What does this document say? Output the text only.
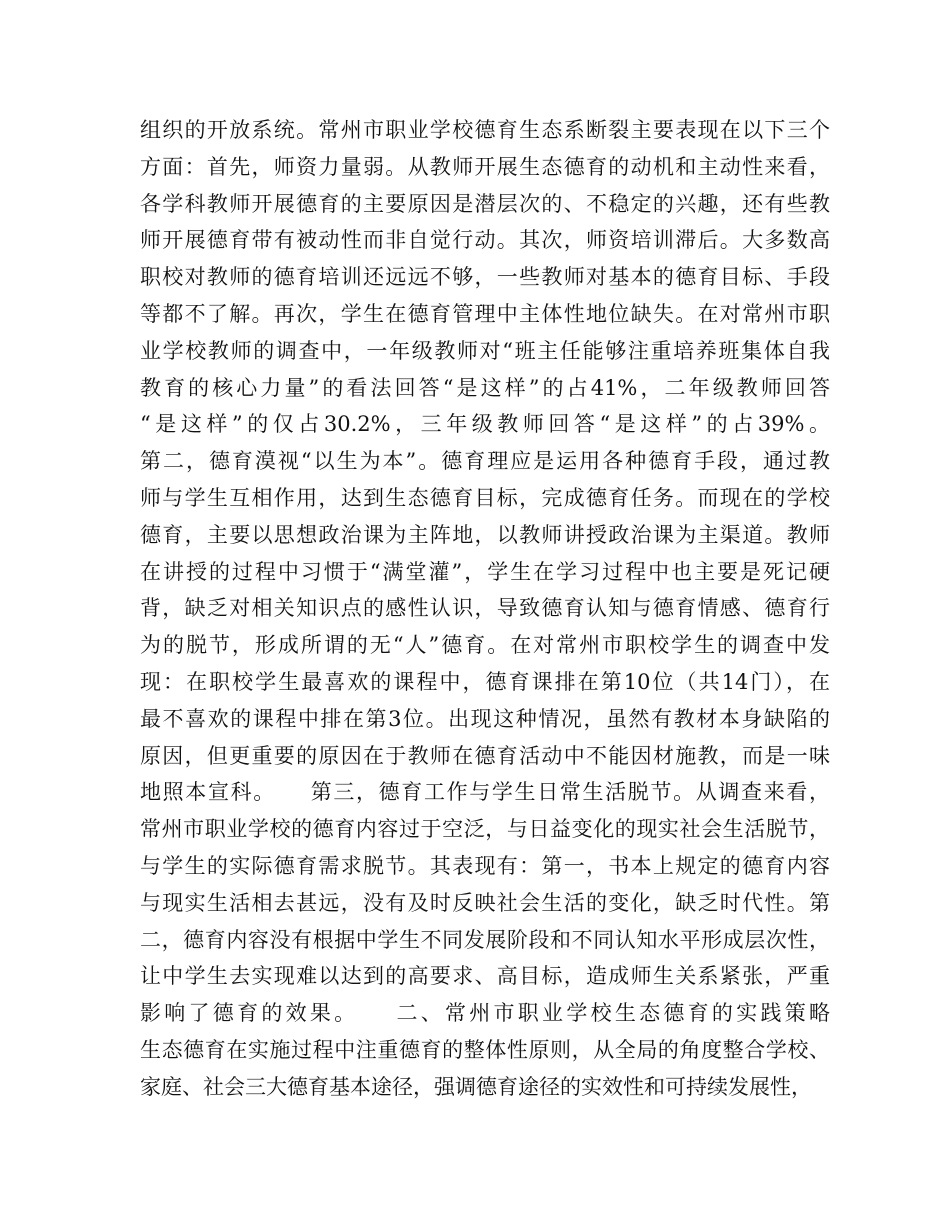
组织的开放系统。常州市职业学校德育生态系断裂主要表现在以下三个
方面：首先，师资力量弱。从教师开展生态德育的动机和主动性来看，
各学科教师开展德育的主要原因是潜层次的、不稳定的兴趣，还有些教
师开展德育带有被动性而非自觉行动。其次，师资培训滞后。大多数高
职校对教师的德育培训还远远不够，一些教师对基本的德育目标、手段
等都不了解。再次，学生在德育管理中主体性地位缺失。在对常州市职
业学校教师的调查中，一年级教师对“班主任能够注重培养班集体自我
教育的核心力量”的看法回答“是这样”的占41%，二年级教师回答
“是这样”的仅占30.2%，三年级教师回答“是这样”的占39%。
第二，德育漠视“以生为本”。德育理应是运用各种德育手段，通过教
师与学生互相作用，达到生态德育目标，完成德育任务。而现在的学校
德育，主要以思想政治课为主阵地，以教师讲授政治课为主渠道。教师
在讲授的过程中习惯于“满堂灌”，学生在学习过程中也主要是死记硬
背，缺乏对相关知识点的感性认识，导致德育认知与德育情感、德育行
为的脱节，形成所谓的无“人”德育。在对常州市职校学生的调查中发
现：在职校学生最喜欢的课程中，德育课排在第10位（共14门），在
最不喜欢的课程中排在第3位。出现这种情况，虽然有教材本身缺陷的
原因，但更重要的原因在于教师在德育活动中不能因材施教，而是一味
地照本宣科。　　第三，德育工作与学生日常生活脱节。从调查来看，
常州市职业学校的德育内容过于空泛，与日益变化的现实社会生活脱节，
与学生的实际德育需求脱节。其表现有：第一，书本上规定的德育内容
与现实生活相去甚远，没有及时反映社会生活的变化，缺乏时代性。第
二，德育内容没有根据中学生不同发展阶段和不同认知水平形成层次性，
让中学生去实现难以达到的高要求、高目标，造成师生关系紧张，严重
影响了德育的效果。　　二、常州市职业学校生态德育的实践策略
生态德育在实施过程中注重德育的整体性原则，从全局的角度整合学校、
家庭、社会三大德育基本途径，强调德育途径的实效性和可持续发展性，
